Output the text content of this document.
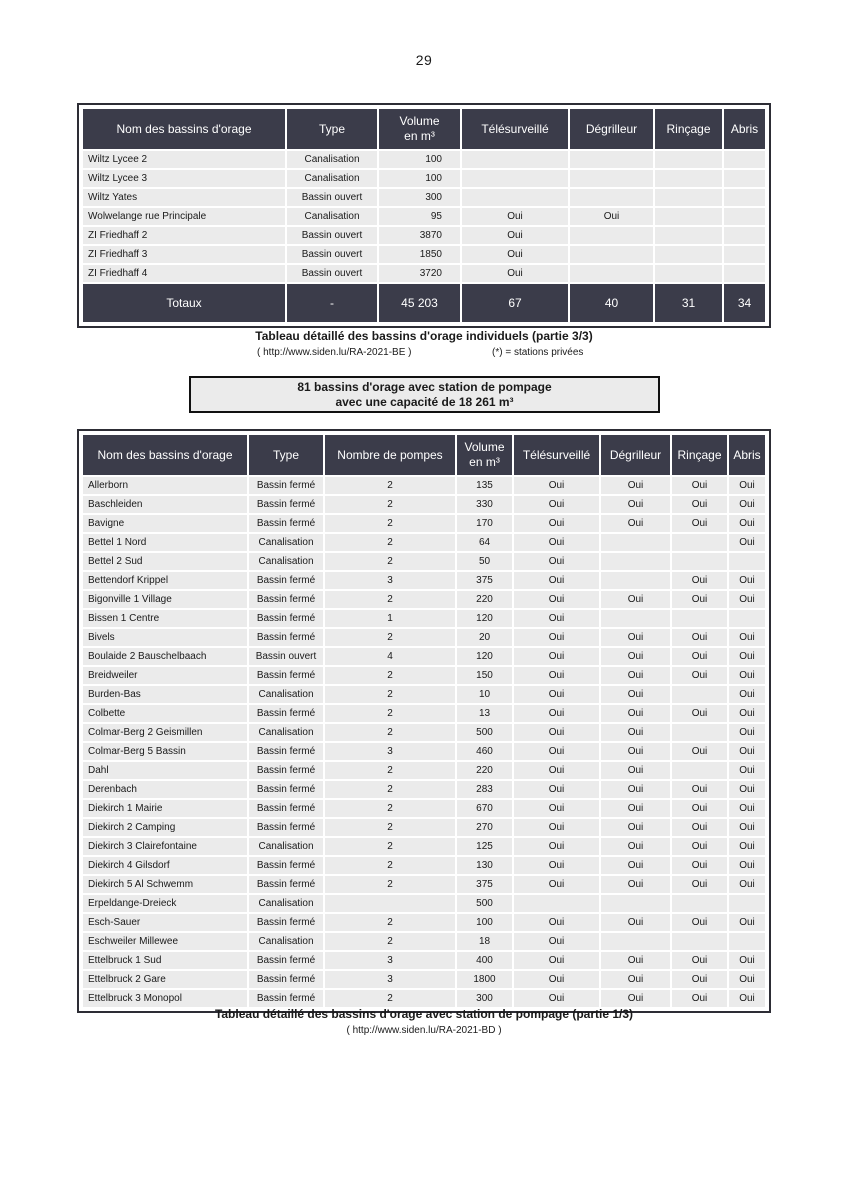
29
Nom des bassins d'orage	Type	Volume
en m³	Télésurveillé	Dégrilleur	Rinçage	Abris
Wiltz Lycee 2	Canalisation	100				
Wiltz Lycee 3	Canalisation	100				
Wiltz Yates	Bassin ouvert	300				
Wolwelange rue Principale	Canalisation	95	Oui	Oui		
ZI Friedhaff 2	Bassin ouvert	3870	Oui			
ZI Friedhaff 3	Bassin ouvert	1850	Oui			
ZI Friedhaff 4	Bassin ouvert	3720	Oui			
Totaux	-	45 203	67	40	31	34
Tableau détaillé des bassins d'orage individuels (partie 3/3)
( http://www.siden.lu/RA-2021-BE )	(*) = stations privées
81 bassins d'orage avec station de pompage
avec une capacité de 18 261 m³
Nom des bassins d'orage	Type	Nombre de pompes	Volume
en m³	Télésurveillé	Dégrilleur	Rinçage	Abris
Allerborn	Bassin fermé	2	135	Oui	Oui	Oui	Oui
Baschleiden	Bassin fermé	2	330	Oui	Oui	Oui	Oui
Bavigne	Bassin fermé	2	170	Oui	Oui	Oui	Oui
Bettel 1 Nord	Canalisation	2	64	Oui			Oui
Bettel 2 Sud	Canalisation	2	50	Oui			
Bettendorf Krippel	Bassin fermé	3	375	Oui		Oui	Oui
Bigonville 1 Village	Bassin fermé	2	220	Oui	Oui	Oui	Oui
Bissen 1 Centre	Bassin fermé	1	120	Oui			
Bivels	Bassin fermé	2	20	Oui	Oui	Oui	Oui
Boulaide 2 Bauschelbaach	Bassin ouvert	4	120	Oui	Oui	Oui	Oui
Breidweiler	Bassin fermé	2	150	Oui	Oui	Oui	Oui
Burden-Bas	Canalisation	2	10	Oui	Oui		Oui
Colbette	Bassin fermé	2	13	Oui	Oui	Oui	Oui
Colmar-Berg 2 Geismillen	Canalisation	2	500	Oui	Oui		Oui
Colmar-Berg 5 Bassin	Bassin fermé	3	460	Oui	Oui	Oui	Oui
Dahl	Bassin fermé	2	220	Oui	Oui		Oui
Derenbach	Bassin fermé	2	283	Oui	Oui	Oui	Oui
Diekirch 1 Mairie	Bassin fermé	2	670	Oui	Oui	Oui	Oui
Diekirch 2 Camping	Bassin fermé	2	270	Oui	Oui	Oui	Oui
Diekirch 3 Clairefontaine	Canalisation	2	125	Oui	Oui	Oui	Oui
Diekirch 4 Gilsdorf	Bassin fermé	2	130	Oui	Oui	Oui	Oui
Diekirch 5 Al Schwemm	Bassin fermé	2	375	Oui	Oui	Oui	Oui
Erpeldange-Dreieck	Canalisation		500				
Esch-Sauer	Bassin fermé	2	100	Oui	Oui	Oui	Oui
Eschweiler Millewee	Canalisation	2	18	Oui			
Ettelbruck 1 Sud	Bassin fermé	3	400	Oui	Oui	Oui	Oui
Ettelbruck 2 Gare	Bassin fermé	3	1800	Oui	Oui	Oui	Oui
Ettelbruck 3 Monopol	Bassin fermé	2	300	Oui	Oui	Oui	Oui
Tableau détaillé des bassins d'orage avec station de pompage (partie 1/3)
( http://www.siden.lu/RA-2021-BD )
